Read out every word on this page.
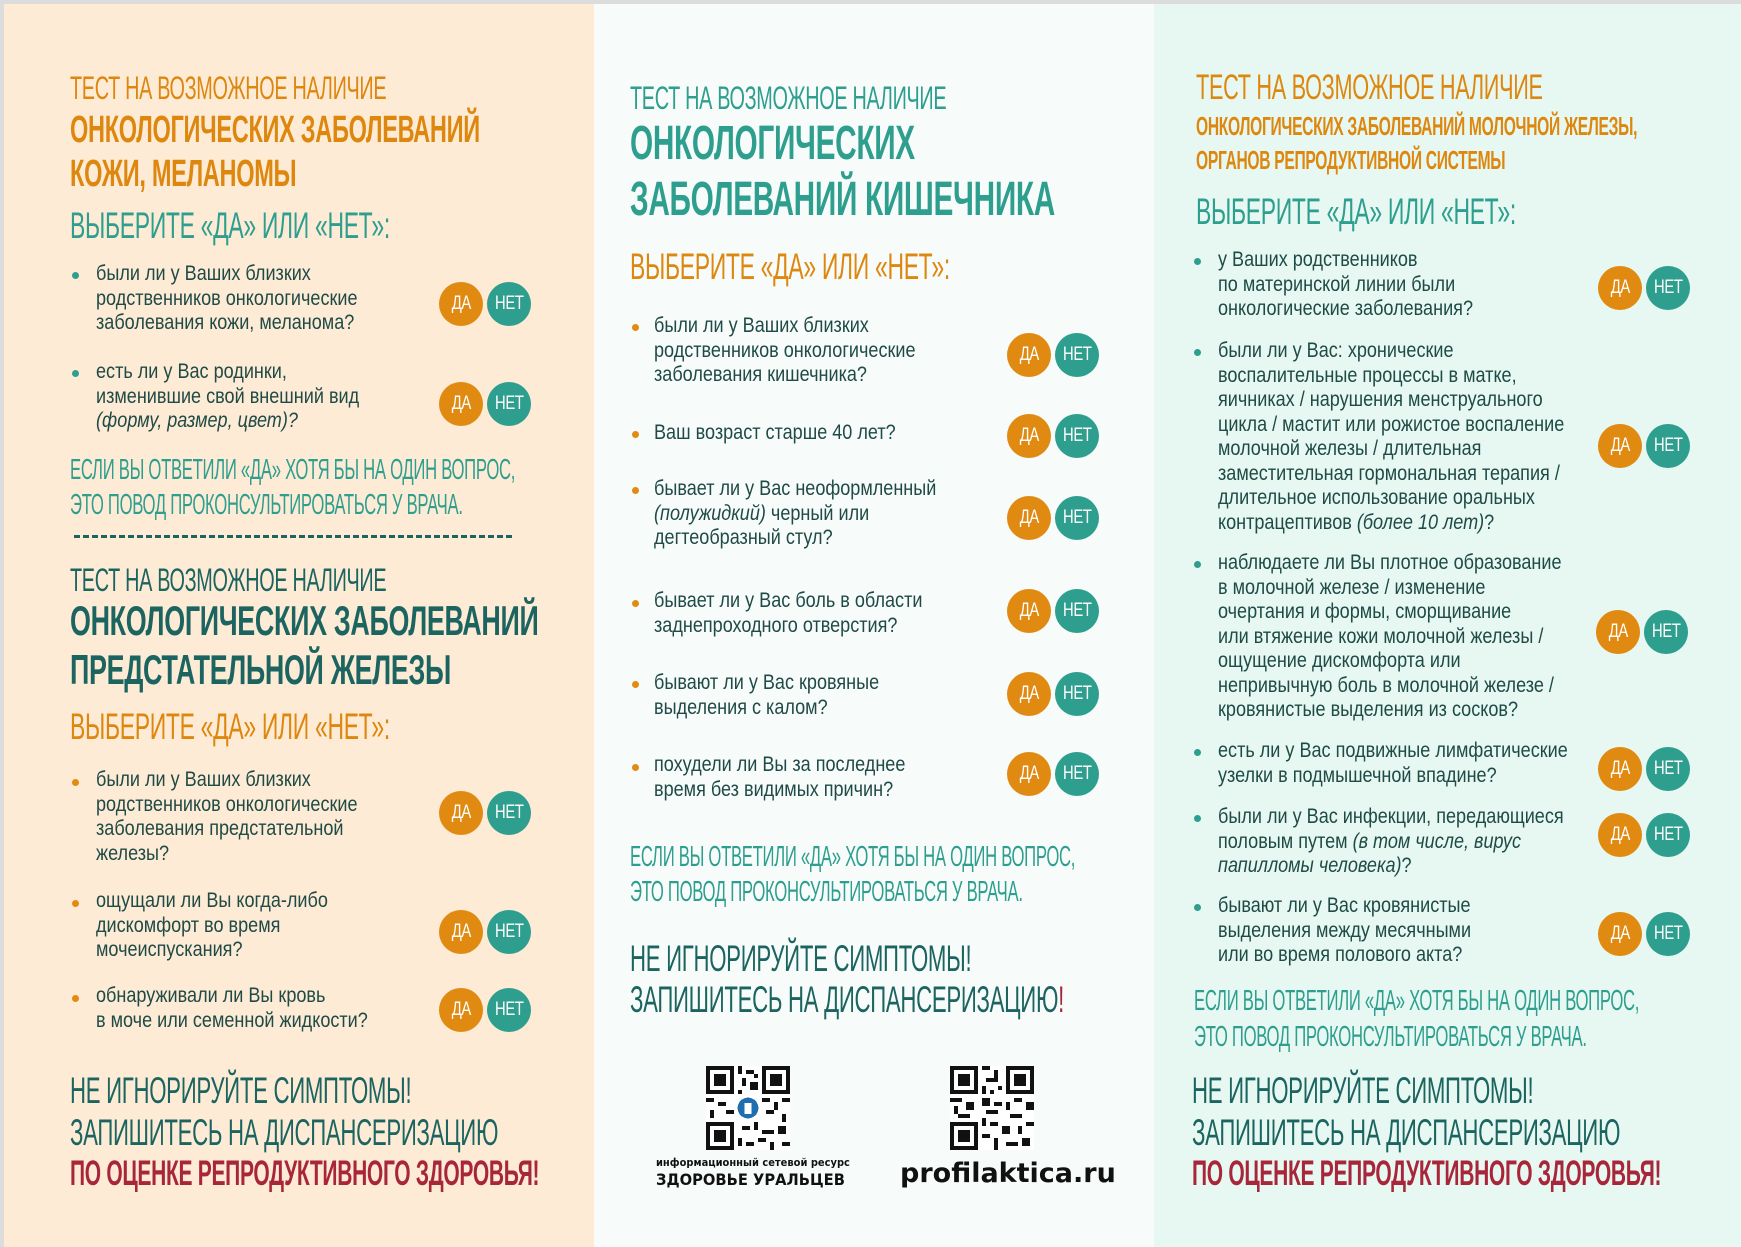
ТЕСТ НА ВОЗМОЖНОЕ НАЛИЧИЕ
ОНКОЛОГИЧЕСКИХ ЗАБОЛЕВАНИЙ
КОЖИ, МЕЛАНОМЫ
ВЫБЕРИТЕ «ДА» ИЛИ «НЕТ»:
были ли у Ваших близких
родственников онкологические
заболевания кожи, меланома?
ДА НЕТ
есть ли у Вас родинки,
изменившие свой внешний вид
(форму, размер, цвет)?
ДА НЕТ
ЕСЛИ ВЫ ОТВЕТИЛИ «ДА» ХОТЯ БЫ НА ОДИН ВОПРОС,
ЭТО ПОВОД ПРОКОНСУЛЬТИРОВАТЬСЯ У ВРАЧА.
ТЕСТ НА ВОЗМОЖНОЕ НАЛИЧИЕ
ОНКОЛОГИЧЕСКИХ ЗАБОЛЕВАНИЙ
ПРЕДСТАТЕЛЬНОЙ ЖЕЛЕЗЫ
ВЫБЕРИТЕ «ДА» ИЛИ «НЕТ»:
были ли у Ваших близких
родственников онкологические
заболевания предстательной
железы?
ДА НЕТ
ощущали ли Вы когда-либо
дискомфорт во время
мочеиспускания?
ДА НЕТ
обнаруживали ли Вы кровь
в моче или семенной жидкости?	ДА НЕТ
НЕ ИГНОРИРУЙТЕ СИМПТОМЫ!
ЗАПИШИТЕСЬ НА ДИСПАНСЕРИЗАЦИЮ
ПО ОЦЕНКЕ РЕПРОДУКТИВНОГО ЗДОРОВЬЯ!
ТЕСТ НА ВОЗМОЖНОЕ НАЛИЧИЕ
ОНКОЛОГИЧЕСКИХ
ЗАБОЛЕВАНИЙ КИШЕЧНИКА
ВЫБЕРИТЕ «ДА» ИЛИ «НЕТ»:
были ли у Ваших близких
родственников онкологические
заболевания кишечника?
ДА НЕТ
Ваш возраст старше 40 лет?	ДА НЕТ
бывает ли у Вас неоформленный
(полужидкий) черный или
дегтеобразный стул?
ДА НЕТ
бывает ли у Вас боль в области
заднепроходного отверстия?
ДА НЕТ
бывают ли у Вас кровяные
выделения с калом?
ДА НЕТ
похудели ли Вы за последнее
время без видимых причин?
ДА НЕТ
ЕСЛИ ВЫ ОТВЕТИЛИ «ДА» ХОТЯ БЫ НА ОДИН ВОПРОС,
ЭТО ПОВОД ПРОКОНСУЛЬТИРОВАТЬСЯ У ВРАЧА.
НЕ ИГНОРИРУЙТЕ СИМПТОМЫ!
ЗАПИШИТЕСЬ НА ДИСПАНСЕРИЗАЦИЮ!
информационный сетевой ресурс
ЗДОРОВЬЕ УРАЛЬЦЕВ profilaktica.ru
ТЕСТ НА ВОЗМОЖНОЕ НАЛИЧИЕ
ОНКОЛОГИЧЕСКИХ ЗАБОЛЕВАНИЙ МОЛОЧНОЙ ЖЕЛЕЗЫ,
ОРГАНОВ РЕПРОДУКТИВНОЙ СИСТЕМЫ
ВЫБЕРИТЕ «ДА» ИЛИ «НЕТ»:
у Ваших родственников
по материнской линии были
онкологические заболевания?
ДА НЕТ
были ли у Вас: хронические
воспалительные процессы в матке,
яичниках / нарушения менструального
цикла / мастит или рожистое воспаление
молочной железы / длительная
заместительная гормональная терапия /
длительное использование оральных
контрацептивов (более 10 лет)?
ДА НЕТ
наблюдаете ли Вы плотное образование
в молочной железе / изменение
очертания и формы, сморщивание
или втяжение кожи молочной железы /
ощущение дискомфорта или
непривычную боль в молочной железе /
кровянистые выделения из сосков?
ДА НЕТ
есть ли у Вас подвижные лимфатические
узелки в подмышечной впадине?	ДА НЕТ
были ли у Вас инфекции, передающиеся
половым путем (в том числе, вирус
папилломы человека)?
ДА НЕТ
бывают ли у Вас кровянистые
выделения между месячными
или во время полового акта?
ДА НЕТ
ЕСЛИ ВЫ ОТВЕТИЛИ «ДА» ХОТЯ БЫ НА ОДИН ВОПРОС,
ЭТО ПОВОД ПРОКОНСУЛЬТИРОВАТЬСЯ У ВРАЧА.
НЕ ИГНОРИРУЙТЕ СИМПТОМЫ!
ЗАПИШИТЕСЬ НА ДИСПАНСЕРИЗАЦИЮ
ПО ОЦЕНКЕ РЕПРОДУКТИВНОГО ЗДОРОВЬЯ!
